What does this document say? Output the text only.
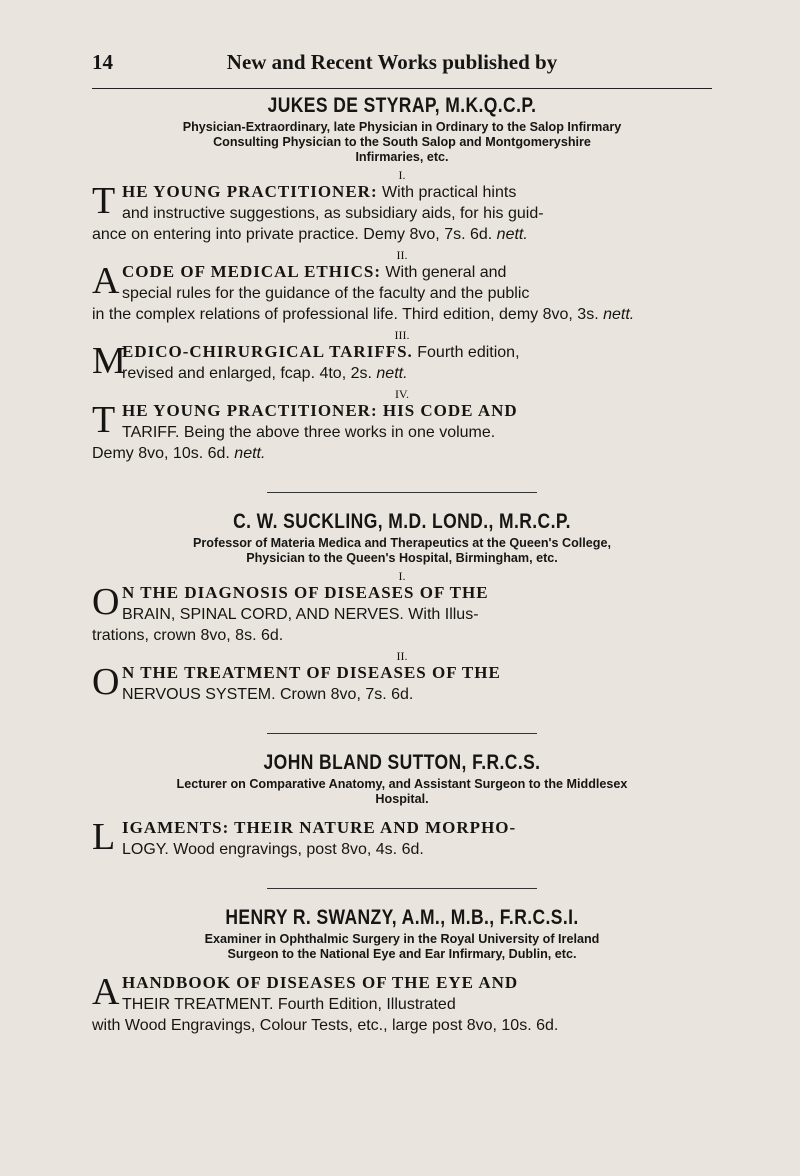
14	New and Recent Works published by
JUKES DE STYRAP, M.K.Q.C.P.
Physician-Extraordinary, late Physician in Ordinary to the Salop Infirmary
Consulting Physician to the South Salop and Montgomeryshire
Infirmaries, etc.
I.
T HE YOUNG PRACTITIONER: With practical hints
and instructive suggestions, as subsidiary aids, for his guid-
ance on entering into private practice. Demy 8vo, 7s. 6d. nett.
II.
A CODE OF MEDICAL ETHICS: With general and
special rules for the guidance of the faculty and the public
in the complex relations of professional life. Third edition, demy 8vo, 3s. nett.
III.
M
EDICO-CHIRURGICAL TARIFFS. Fourth edition,
revised and enlarged, fcap. 4to, 2s. nett.
IV.
T HE YOUNG PRACTITIONER: HIS CODE AND
TARIFF. Being the above three works in one volume.
Demy 8vo, 10s. 6d. nett.
C. W. SUCKLING, M.D. LOND., M.R.C.P.
Professor of Materia Medica and Therapeutics at the Queen's College,
Physician to the Queen's Hospital, Birmingham, etc.
I.
O N THE DIAGNOSIS OF DISEASES OF THE
BRAIN, SPINAL CORD, AND NERVES. With Illus-
trations, crown 8vo, 8s. 6d.
II.
O N THE TREATMENT OF DISEASES OF THE
NERVOUS SYSTEM. Crown 8vo, 7s. 6d.
JOHN BLAND SUTTON, F.R.C.S.
Lecturer on Comparative Anatomy, and Assistant Surgeon to the Middlesex
Hospital.
L IGAMENTS: THEIR NATURE AND MORPHO-
LOGY. Wood engravings, post 8vo, 4s. 6d.
HENRY R. SWANZY, A.M., M.B., F.R.C.S.I.
Examiner in Ophthalmic Surgery in the Royal University of Ireland
Surgeon to the National Eye and Ear Infirmary, Dublin, etc.
A HANDBOOK OF DISEASES OF THE EYE AND
THEIR TREATMENT. Fourth Edition, Illustrated
with Wood Engravings, Colour Tests, etc., large post 8vo, 10s. 6d.
